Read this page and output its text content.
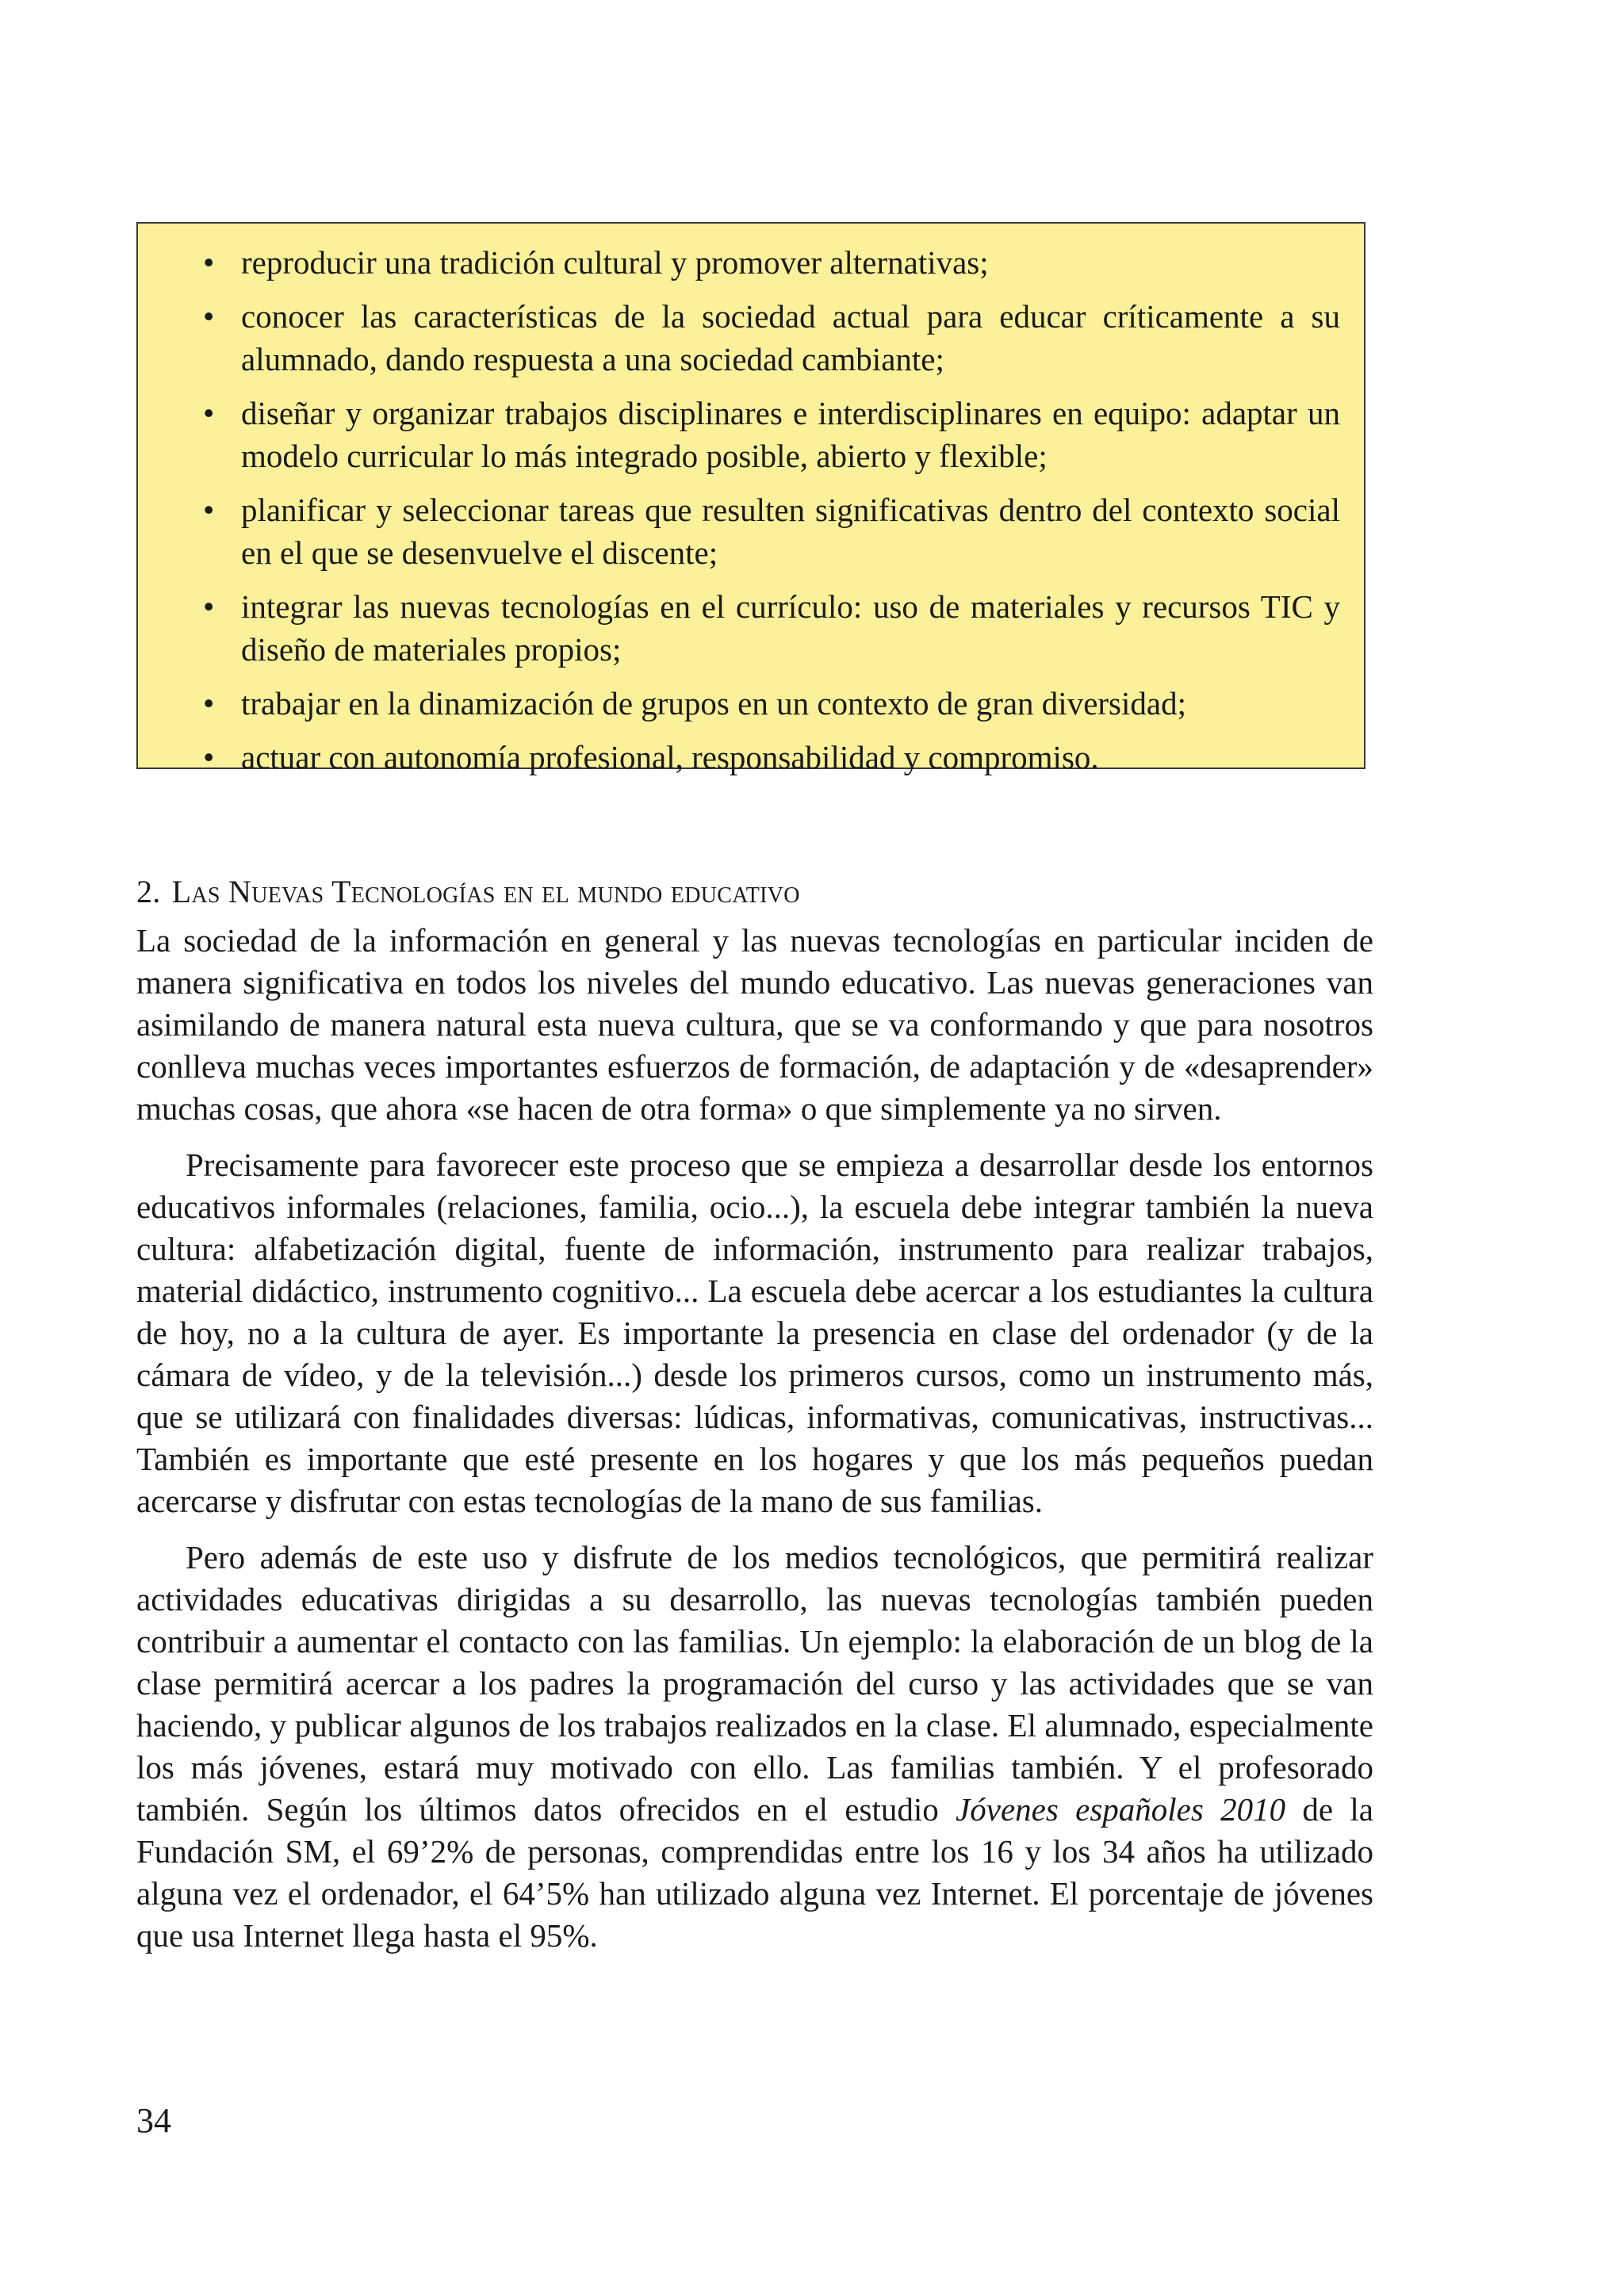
• reproducir una tradición cultural y promover alternativas;
• conocer las características de la sociedad actual para educar críticamente a su alumnado, dando respuesta a una sociedad cambiante;
• diseñar y organizar trabajos disciplinares e interdisciplinares en equipo: adaptar un modelo curricular lo más integrado posible, abierto y flexible;
• planificar y seleccionar tareas que resulten significativas dentro del contexto social en el que se desenvuelve el discente;
• integrar las nuevas tecnologías en el currículo: uso de materiales y recursos TIC y diseño de materiales propios;
• trabajar en la dinamización de grupos en un contexto de gran diversidad;
• actuar con autonomía profesional, responsabilidad y compromiso.
2. Las Nuevas Tecnologías en el mundo educativo

La sociedad de la información en general y las nuevas tecnologías en particular inciden de manera significativa en todos los niveles del mundo educativo. Las nuevas generaciones van asimilando de manera natural esta nueva cultura, que se va conformando y que para nosotros conlleva muchas veces importantes esfuerzos de formación, de adaptación y de «desaprender» muchas cosas, que ahora «se hacen de otra forma» o que simplemente ya no sirven.

Precisamente para favorecer este proceso que se empieza a desarrollar desde los entornos educativos informales (relaciones, familia, ocio...), la escuela debe integrar también la nueva cultura: alfabetización digital, fuente de información, instrumento para realizar trabajos, material didáctico, instrumento cognitivo... La escuela debe acercar a los estudiantes la cultura de hoy, no a la cultura de ayer. Es importante la presencia en clase del ordenador (y de la cámara de vídeo, y de la televisión...) desde los primeros cursos, como un instrumento más, que se utilizará con finalidades diversas: lúdicas, informativas, comunicativas, instructivas... También es importante que esté presente en los hogares y que los más pequeños puedan acercarse y disfrutar con estas tecnologías de la mano de sus familias.

Pero además de este uso y disfrute de los medios tecnológicos, que permitirá realizar actividades educativas dirigidas a su desarrollo, las nuevas tecnologías también pueden contribuir a aumentar el contacto con las familias. Un ejemplo: la elaboración de un blog de la clase permitirá acercar a los padres la programación del curso y las actividades que se van haciendo, y publicar algunos de los trabajos realizados en la clase. El alumnado, especialmente los más jóvenes, estará muy motivado con ello. Las familias también. Y el profesorado también. Según los últimos datos ofrecidos en el estudio Jóvenes españoles 2010 de la Fundación SM, el 69’2% de personas, comprendidas entre los 16 y los 34 años ha utilizado alguna vez el ordenador, el 64’5% han utilizado alguna vez Internet. El porcentaje de jóvenes que usa Internet llega hasta el 95%.

34
